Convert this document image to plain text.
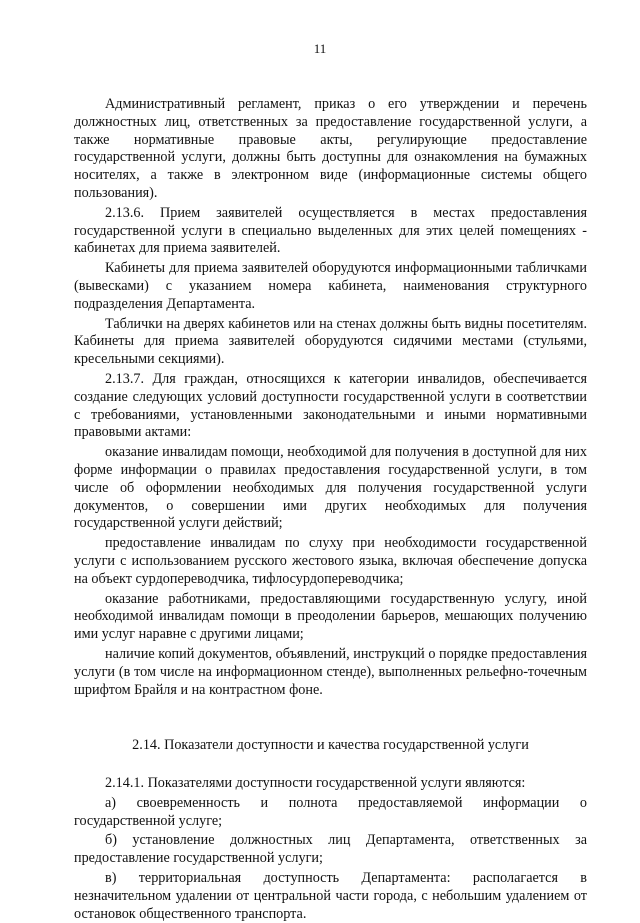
11

Административный регламент, приказ о его утверждении и перечень должностных лиц, ответственных за предоставление государственной услуги, а также нормативные правовые акты, регулирующие предоставление государственной услуги, должны быть доступны для ознакомления на бумажных носителях, а также в электронном виде (информационные системы общего пользования).

2.13.6. Прием заявителей осуществляется в местах предоставления государственной услуги в специально выделенных для этих целей помещениях - кабинетах для приема заявителей.

Кабинеты для приема заявителей оборудуются информационными табличками (вывесками) с указанием номера кабинета, наименования структурного подразделения Департамента.

Таблички на дверях кабинетов или на стенах должны быть видны посетителям. Кабинеты для приема заявителей оборудуются сидячими местами (стульями, кресельными секциями).

2.13.7. Для граждан, относящихся к категории инвалидов, обеспечивается создание следующих условий доступности государственной услуги в соответствии с требованиями, установленными законодательными и иными нормативными правовыми актами:

оказание инвалидам помощи, необходимой для получения в доступной для них форме информации о правилах предоставления государственной услуги, в том числе об оформлении необходимых для получения государственной услуги документов, о совершении ими других необходимых для получения государственной услуги действий;

предоставление инвалидам по слуху при необходимости государственной услуги с использованием русского жестового языка, включая обеспечение допуска на объект сурдопереводчика, тифлосурдопереводчика;

оказание работниками, предоставляющими государственную услугу, иной необходимой инвалидам помощи в преодолении барьеров, мешающих получению ими услуг наравне с другими лицами;

наличие копий документов, объявлений, инструкций о порядке предоставления услуги (в том числе на информационном стенде), выполненных рельефно-точечным шрифтом Брайля и на контрастном фоне.

2.14. Показатели доступности и качества государственной услуги

2.14.1. Показателями доступности государственной услуги являются:

а) своевременность и полнота предоставляемой информации о государственной услуге;

б) установление должностных лиц Департамента, ответственных за предоставление государственной услуги;

в) территориальная доступность Департамента: располагается в незначительном удалении от центральной части города, с небольшим удалением от остановок общественного транспорта.
